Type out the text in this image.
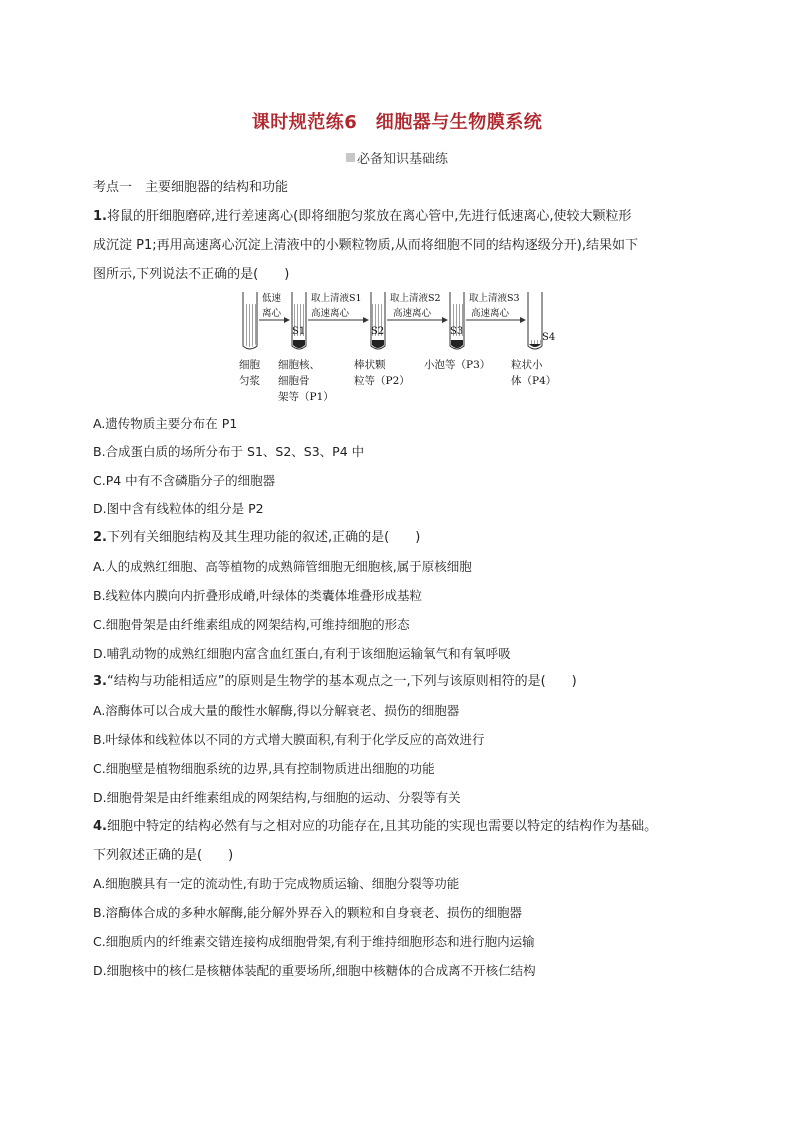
课时规范练6　细胞器与生物膜系统
必备知识基础练
考点一　主要细胞器的结构和功能
1.将鼠的肝细胞磨碎,进行差速离心(即将细胞匀浆放在离心管中,先进行低速离心,使较大颗粒形
成沉淀 P1;再用高速离心沉淀上清液中的小颗粒物质,从而将细胞不同的结构逐级分开),结果如下
图所示,下列说法不正确的是(　　)
S1	S2	S3
S4
低速
离心
取上清液S1
高速离心
取上清液S2
高速离心
取上清液S3
高速离心
细胞
匀浆
细胞核、
细胞骨
架等（P1）
棒状颗
粒等（P2）
小泡等（P3） 粒状小
体（P4）
A.遗传物质主要分布在 P1
B.合成蛋白质的场所分布于 S1、S2、S3、P4 中
C.P4 中有不含磷脂分子的细胞器
D.图中含有线粒体的组分是 P2
2.下列有关细胞结构及其生理功能的叙述,正确的是(　　)
A.人的成熟红细胞、高等植物的成熟筛管细胞无细胞核,属于原核细胞
B.线粒体内膜向内折叠形成嵴,叶绿体的类囊体堆叠形成基粒
C.细胞骨架是由纤维素组成的网架结构,可维持细胞的形态
D.哺乳动物的成熟红细胞内富含血红蛋白,有利于该细胞运输氧气和有氧呼吸
3.“结构与功能相适应”的原则是生物学的基本观点之一,下列与该原则相符的是(　　)
A.溶酶体可以合成大量的酸性水解酶,得以分解衰老、损伤的细胞器
B.叶绿体和线粒体以不同的方式增大膜面积,有利于化学反应的高效进行
C.细胞壁是植物细胞系统的边界,具有控制物质进出细胞的功能
D.细胞骨架是由纤维素组成的网架结构,与细胞的运动、分裂等有关
4.细胞中特定的结构必然有与之相对应的功能存在,且其功能的实现也需要以特定的结构作为基础。
下列叙述正确的是(　　)
A.细胞膜具有一定的流动性,有助于完成物质运输、细胞分裂等功能
B.溶酶体合成的多种水解酶,能分解外界吞入的颗粒和自身衰老、损伤的细胞器
C.细胞质内的纤维素交错连接构成细胞骨架,有利于维持细胞形态和进行胞内运输
D.细胞核中的核仁是核糖体装配的重要场所,细胞中核糖体的合成离不开核仁结构
